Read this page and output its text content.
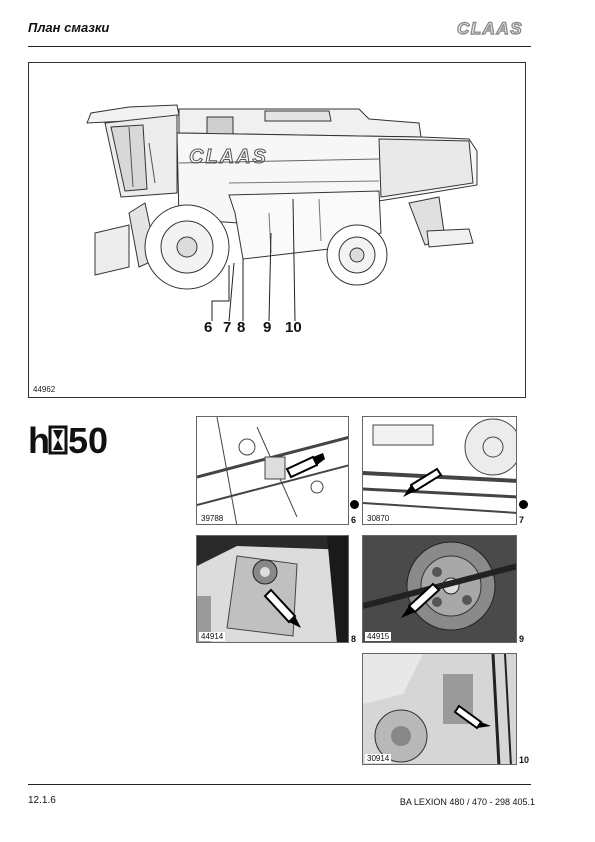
План смазки	CLAAS
CLAAS
6 7 8 9 10
44962
h 50
39788	6 30870	7
44914	8 44915	9
30914	10
12.1.6	BA LEXION 480 / 470 - 298 405.1
